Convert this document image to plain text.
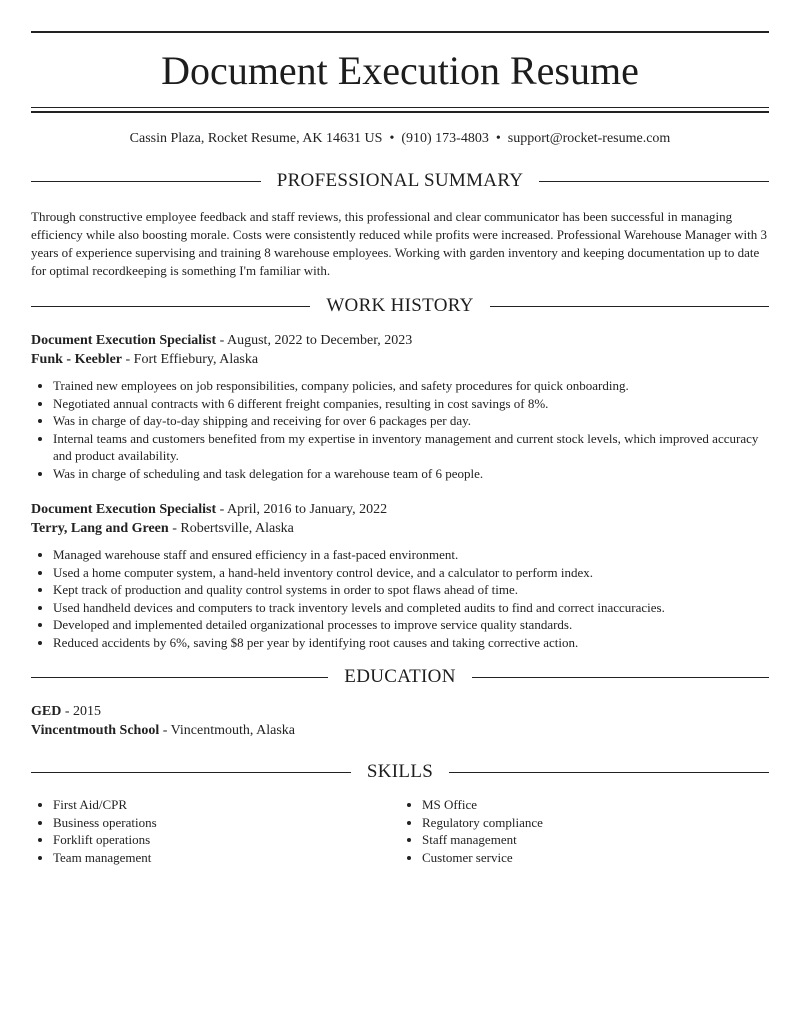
Document Execution Resume
Cassin Plaza, Rocket Resume, AK 14631 US • (910) 173-4803 • support@rocket-resume.com
PROFESSIONAL SUMMARY

Through constructive employee feedback and staff reviews, this professional and clear communicator has been successful in managing efficiency while also boosting morale. Costs were consistently reduced while profits were increased. Professional Warehouse Manager with 3 years of experience supervising and training 8 warehouse employees. Working with garden inventory and keeping documentation up to date for optimal recordkeeping is something I'm familiar with.

WORK HISTORY
Document Execution Specialist - August, 2022 to December, 2023
Funk - Keebler - Fort Effiebury, Alaska
• Trained new employees on job responsibilities, company policies, and safety procedures for quick onboarding.
• Negotiated annual contracts with 6 different freight companies, resulting in cost savings of 8%.
• Was in charge of day-to-day shipping and receiving for over 6 packages per day.
• Internal teams and customers benefited from my expertise in inventory management and current stock levels, which improved accuracy and product availability.
• Was in charge of scheduling and task delegation for a warehouse team of 6 people.
Document Execution Specialist - April, 2016 to January, 2022
Terry, Lang and Green - Robertsville, Alaska
• Managed warehouse staff and ensured efficiency in a fast-paced environment.
• Used a home computer system, a hand-held inventory control device, and a calculator to perform index.
• Kept track of production and quality control systems in order to spot flaws ahead of time.
• Used handheld devices and computers to track inventory levels and completed audits to find and correct inaccuracies.
• Developed and implemented detailed organizational processes to improve service quality standards.
• Reduced accidents by 6%, saving $8 per year by identifying root causes and taking corrective action.
EDUCATION
GED - 2015
Vincentmouth School - Vincentmouth, Alaska
SKILLS
• First Aid/CPR
• Business operations
• Forklift operations
• Team management
• MS Office
• Regulatory compliance
• Staff management
• Customer service
